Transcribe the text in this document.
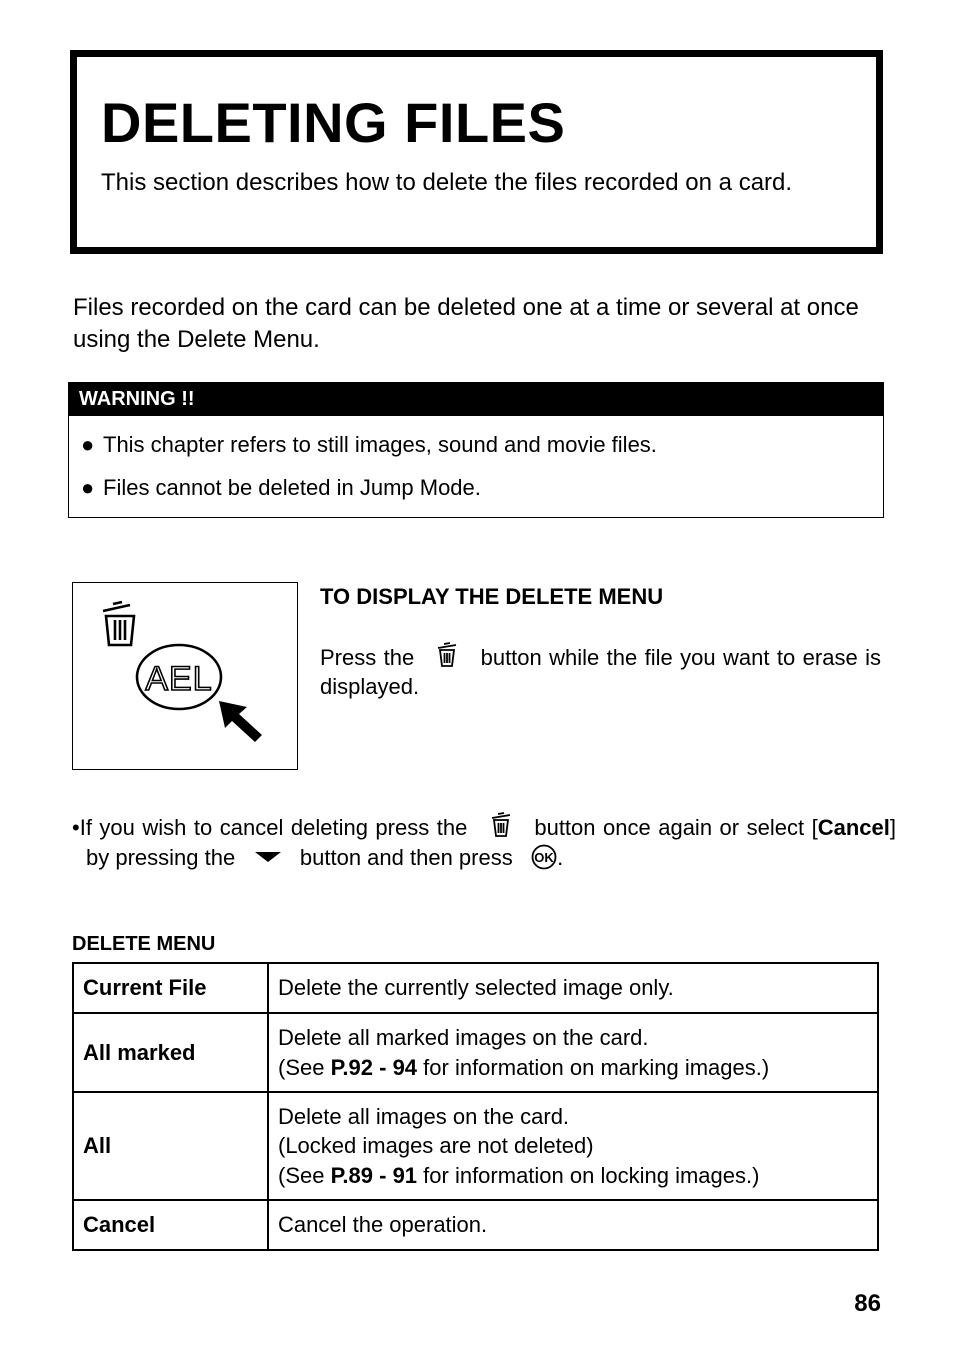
DELETING FILES

This section describes how to delete the files recorded on a card.

Files recorded on the card can be deleted one at a time or several at once using the Delete Menu.

WARNING !!
● This chapter refers to still images, sound and movie files.
● Files cannot be deleted in Jump Mode.
AEL

TO DISPLAY THE DELETE MENU

Press the	button while the file you want to erase is displayed.

•If you wish to cancel deleting press the	button once again or select [Cancel] by pressing the	button and then press OK .

DELETE MENU

Current File	Delete the currently selected image only.
All marked	Delete all marked images on the card.
(See P.92 - 94 for information on marking images.)

All	Delete all images on the card.
(Locked images are not deleted)
(See P.89 - 91 for information on locking images.)

Cancel	Cancel the operation.

86
